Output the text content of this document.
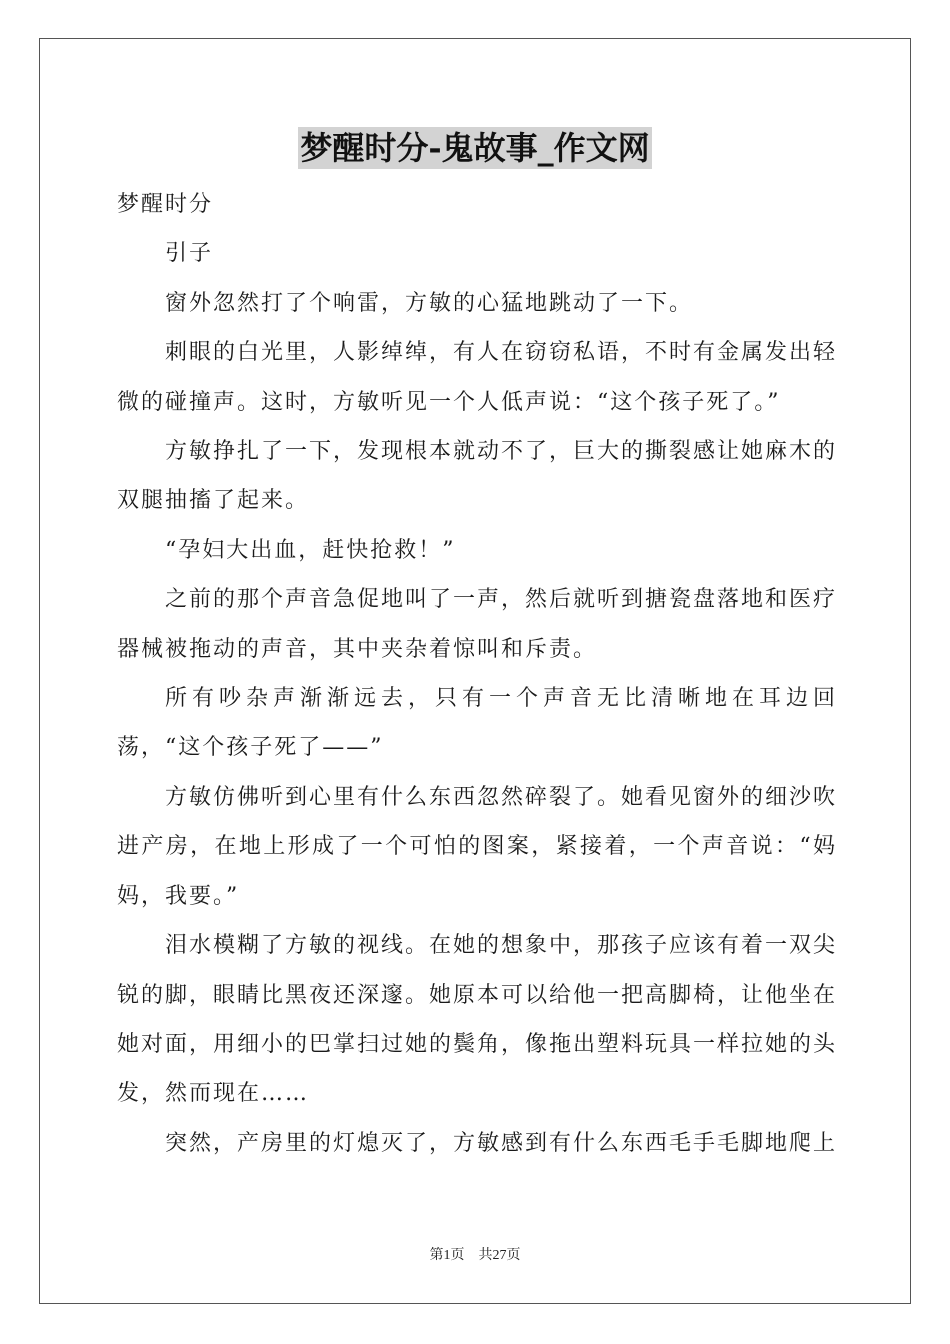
梦醒时分-鬼故事_作文网

梦醒时分

引子

窗外忽然打了个响雷，方敏的心猛地跳动了一下。

刺眼的白光里，人影绰绰，有人在窃窃私语，不时有金属发出轻微的碰撞声。这时，方敏听见一个人低声说：“这个孩子死了。”

方敏挣扎了一下，发现根本就动不了，巨大的撕裂感让她麻木的双腿抽搐了起来。

“孕妇大出血，赶快抢救！”

之前的那个声音急促地叫了一声，然后就听到搪瓷盘落地和医疗器械被拖动的声音，其中夹杂着惊叫和斥责。

所有吵杂声渐渐远去，只有一个声音无比清晰地在耳边回荡，“这个孩子死了——”

方敏仿佛听到心里有什么东西忽然碎裂了。她看见窗外的细沙吹进产房，在地上形成了一个可怕的图案，紧接着，一个声音说：“妈妈，我要。”

泪水模糊了方敏的视线。在她的想象中，那孩子应该有着一双尖锐的脚，眼睛比黑夜还深邃。她原本可以给他一把高脚椅，让他坐在她对面，用细小的巴掌扫过她的鬓角，像拖出塑料玩具一样拉她的头发，然而现在……

突然，产房里的灯熄灭了，方敏感到有什么东西毛手毛脚地爬上

第1页 共27页
